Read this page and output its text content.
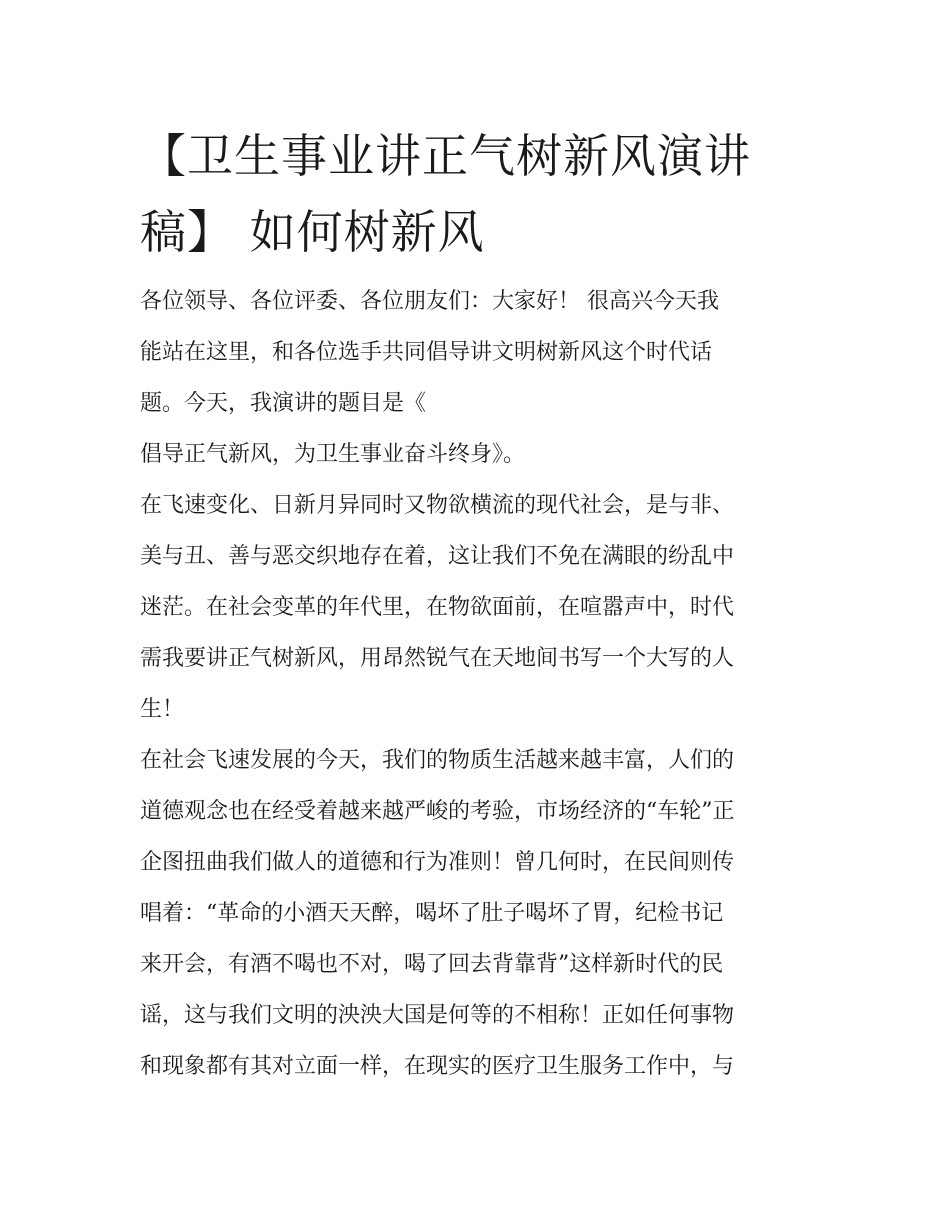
【卫生事业讲正气树新风演讲
稿】 如何树新风
各位领导、各位评委、各位朋友们：大家好！ 很高兴今天我
能站在这里，和各位选手共同倡导讲文明树新风这个时代话
题。今天，我演讲的题目是《
倡导正气新风，为卫生事业奋斗终身》。
在飞速变化、日新月异同时又物欲横流的现代社会，是与非、
美与丑、善与恶交织地存在着，这让我们不免在满眼的纷乱中
迷茫。在社会变革的年代里，在物欲面前，在喧嚣声中，时代
需我要讲正气树新风，用昂然锐气在天地间书写一个大写的人
生！
在社会飞速发展的今天，我们的物质生活越来越丰富，人们的
道德观念也在经受着越来越严峻的考验，市场经济的“车轮”正
企图扭曲我们做人的道德和行为准则！曾几何时，在民间则传
唱着：“革命的小酒天天醉，喝坏了肚子喝坏了胃，纪检书记
来开会，有酒不喝也不对，喝了回去背靠背”这样新时代的民
谣，这与我们文明的泱泱大国是何等的不相称！正如任何事物
和现象都有其对立面一样，在现实的医疗卫生服务工作中，与
